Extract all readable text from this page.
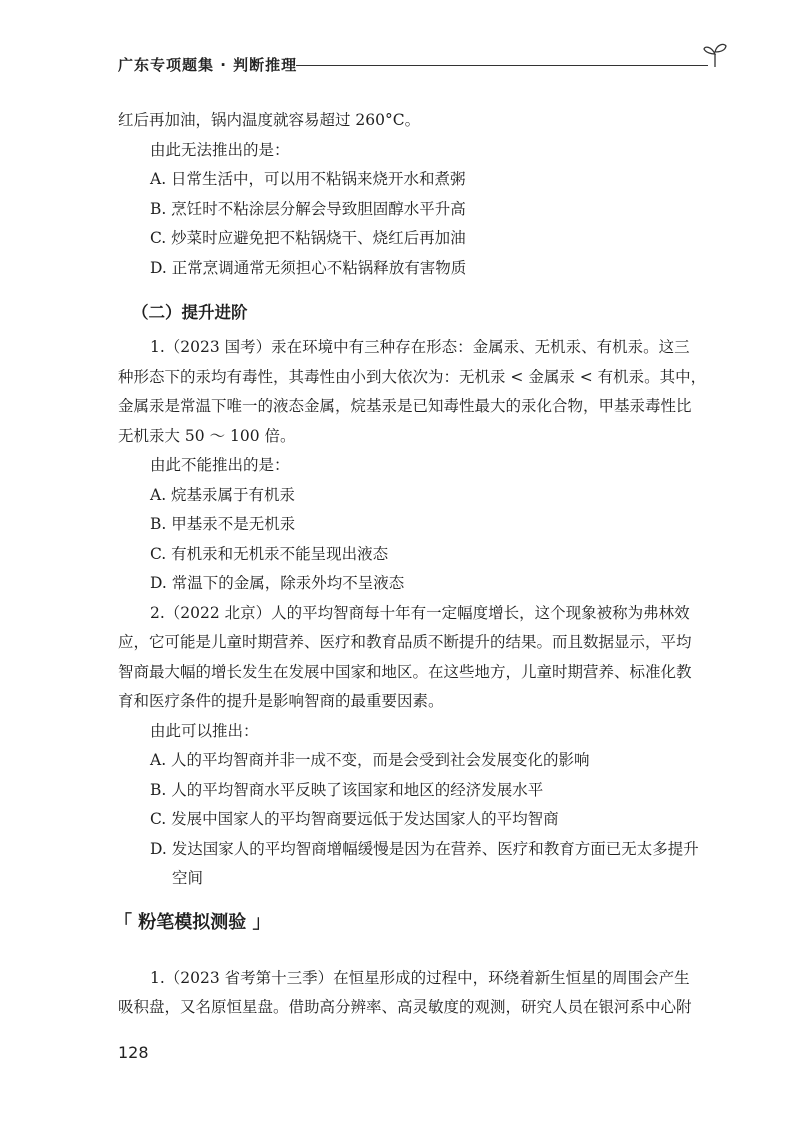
广东专项题集 · 判断推理
红后再加油，锅内温度就容易超过 260°C。
由此无法推出的是：
A. 日常生活中，可以用不粘锅来烧开水和煮粥
B. 烹饪时不粘涂层分解会导致胆固醇水平升高
C. 炒菜时应避免把不粘锅烧干、烧红后再加油
D. 正常烹调通常无须担心不粘锅释放有害物质
（二）提升进阶
1.（2023 国考）汞在环境中有三种存在形态：金属汞、无机汞、有机汞。这三
种形态下的汞均有毒性，其毒性由小到大依次为：无机汞 < 金属汞 < 有机汞。其中，
金属汞是常温下唯一的液态金属，烷基汞是已知毒性最大的汞化合物，甲基汞毒性比
无机汞大 50 ～ 100 倍。
由此不能推出的是：
A. 烷基汞属于有机汞
B. 甲基汞不是无机汞
C. 有机汞和无机汞不能呈现出液态
D. 常温下的金属，除汞外均不呈液态
2.（2022 北京）人的平均智商每十年有一定幅度增长，这个现象被称为弗林效
应，它可能是儿童时期营养、医疗和教育品质不断提升的结果。而且数据显示，平均
智商最大幅的增长发生在发展中国家和地区。在这些地方，儿童时期营养、标准化教
育和医疗条件的提升是影响智商的最重要因素。
由此可以推出：
A. 人的平均智商并非一成不变，而是会受到社会发展变化的影响
B. 人的平均智商水平反映了该国家和地区的经济发展水平
C. 发展中国家人的平均智商要远低于发达国家人的平均智商
D. 发达国家人的平均智商增幅缓慢是因为在营养、医疗和教育方面已无太多提升
空间
「 粉笔模拟测验 」
1.（2023 省考第十三季）在恒星形成的过程中，环绕着新生恒星的周围会产生
吸积盘，又名原恒星盘。借助高分辨率、高灵敏度的观测，研究人员在银河系中心附
128
